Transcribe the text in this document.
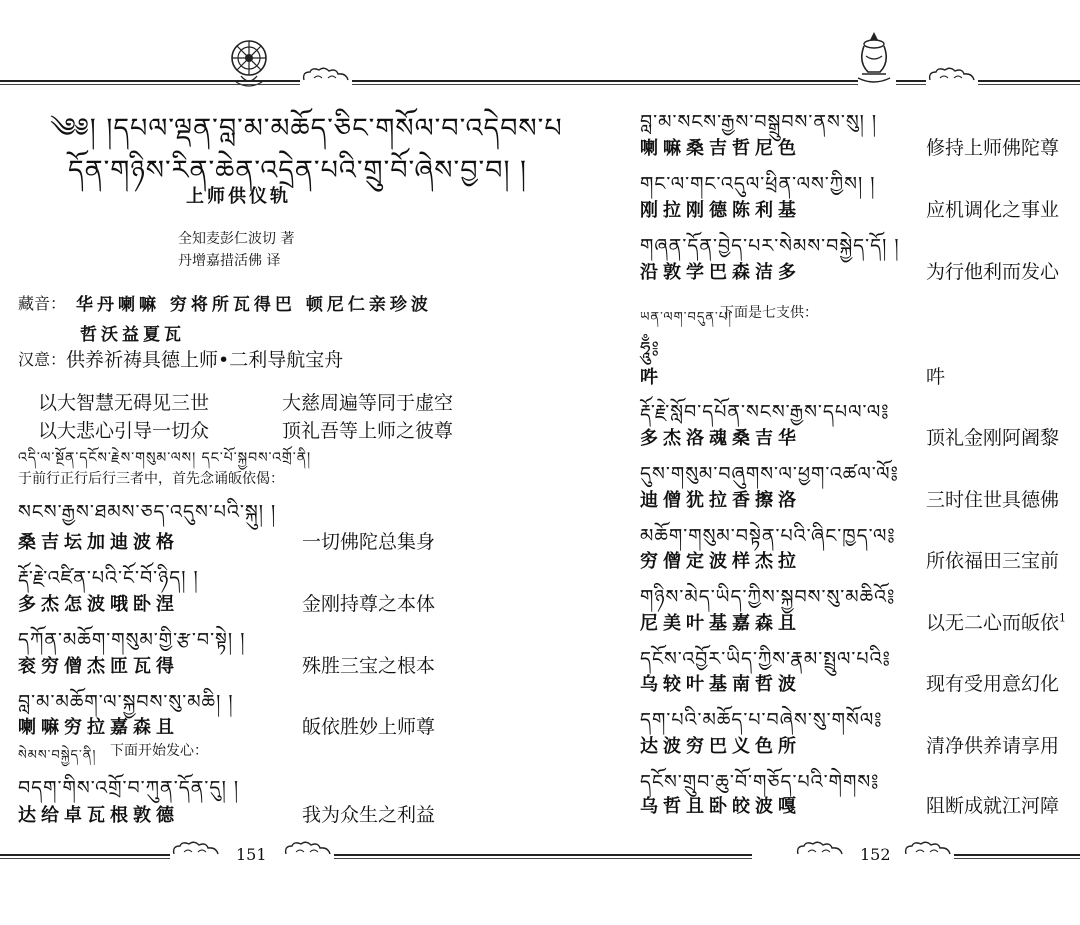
༄༅། །དཔལ་ལྡན་བླ་མ་མཆོད་ཅིང་གསོལ་བ་འདེབས་པ
དོན་གཉིས་རིན་ཆེན་འདྲེན་པའི་གྲུ་བོ་ཞེས་བྱ་བ། །
上师供仪轨
全知麦彭仁波切 著
丹增嘉措活佛 译
藏音： 华丹喇嘛 穷将所瓦得巴 顿尼仁亲珍波
哲沃益夏瓦
汉意： 供养祈祷具德上师•二利导航宝舟
以大智慧无碍见三世	大慈周遍等同于虚空
以大悲心引导一切众	顶礼吾等上师之彼尊
འདི་ལ་སྔོན་དངོས་རྗེས་གསུམ་ལས། དང་པོ་སྐྱབས་འགྲོ་ནི།
于前行正行后行三者中，首先念诵皈依偈：
སངས་རྒྱས་ཐམས་ཅད་འདུས་པའི་སྐུ། །
桑吉坛加迪波格	一切佛陀总集身
རྡོ་རྗེ་འཛིན་པའི་ངོ་བོ་ཉིད། །
多杰怎波哦卧涅	金刚持尊之本体
དཀོན་མཆོག་གསུམ་གྱི་རྩ་བ་སྟེ། །
衮穷僧杰匝瓦得	殊胜三宝之根本
བླ་མ་མཆོག་ལ་སྐྱབས་སུ་མཆི། །
喇嘛穷拉嘉森且	皈依胜妙上师尊
སེམས་བསྐྱེད་ནི། 下面开始发心：
བདག་གིས་འགྲོ་བ་ཀུན་དོན་དུ། །
达给卓瓦根敦德	我为众生之利益
151
བླ་མ་སངས་རྒྱས་བསྒྲུབས་ནས་སུ། །
喇嘛桑吉哲尼色	修持上师佛陀尊
གང་ལ་གང་འདུལ་ཕྲིན་ལས་ཀྱིས། །
刚拉刚德陈利基	应机调化之事业
གཞན་དོན་བྱེད་པར་སེམས་བསྐྱེད་དོ། །
沿敦学巴森洁多	为行他利而发心
ཡན་ལག་བདུན་པ།
下面是七支供：
ཧཱུྃ༔
吽	吽
རྡོ་རྗེ་སློབ་དཔོན་སངས་རྒྱས་དཔལ་ལ༔
多杰洛魂桑吉华	顶礼金刚阿阇黎
དུས་གསུམ་བཞུགས་ལ་ཕྱག་འཚལ་ལོ༔
迪僧犹拉香擦洛	三时住世具德佛
མཆོག་གསུམ་བསྟེན་པའི་ཞིང་ཁྱད་ལ༔
穷僧定波样杰拉	所依福田三宝前
གཉིས་མེད་ཡིད་ཀྱིས་སྐྱབས་སུ་མཆིའོ༔
尼美叶基嘉森且	以无二心而皈依$^1$
དངོས་འབྱོར་ཡིད་ཀྱིས་རྣམ་སྤྲུལ་པའི༔
乌较叶基南哲波	现有受用意幻化
དག་པའི་མཆོད་པ་བཞེས་སུ་གསོལ༔
达波穷巴义色所	清净供养请享用
དངོས་གྲུབ་ཆུ་བོ་གཅོད་པའི་གེགས༔
乌哲且卧皎波嘎	阻断成就江河障
152
